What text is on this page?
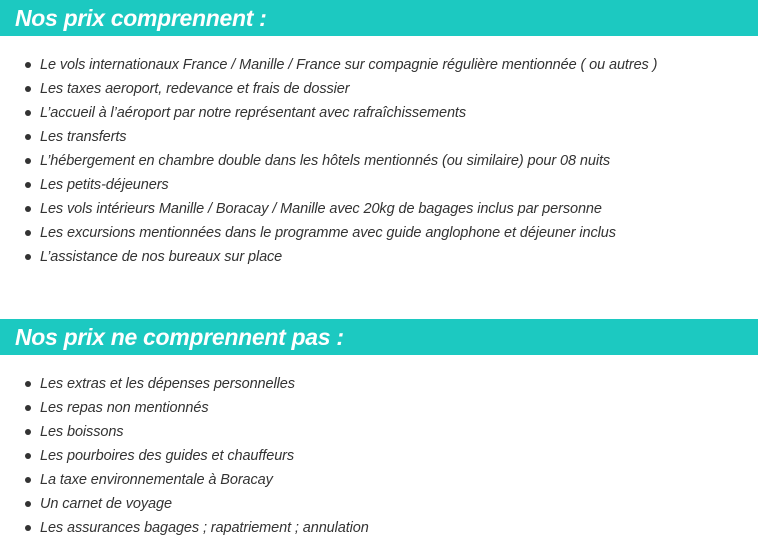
Nos prix comprennent :
Le vols internationaux France / Manille / France sur compagnie régulière mentionnée ( ou autres )
Les taxes aeroport, redevance et frais de dossier
L’accueil à l’aéroport par notre représentant avec rafraîchissements
Les transferts
L’hébergement en chambre double dans les hôtels mentionnés (ou similaire) pour 08 nuits
Les petits-déjeuners
Les vols intérieurs Manille / Boracay / Manille avec 20kg de bagages inclus par personne
Les excursions mentionnées dans le programme avec guide anglophone et déjeuner inclus
L’assistance de nos bureaux sur place
Nos prix ne comprennent pas :
Les extras et les dépenses personnelles
Les repas non mentionnés
Les boissons
Les pourboires des guides et chauffeurs
La taxe environnementale à Boracay
Un carnet de voyage
Les assurances bagages ; rapatriement ; annulation
